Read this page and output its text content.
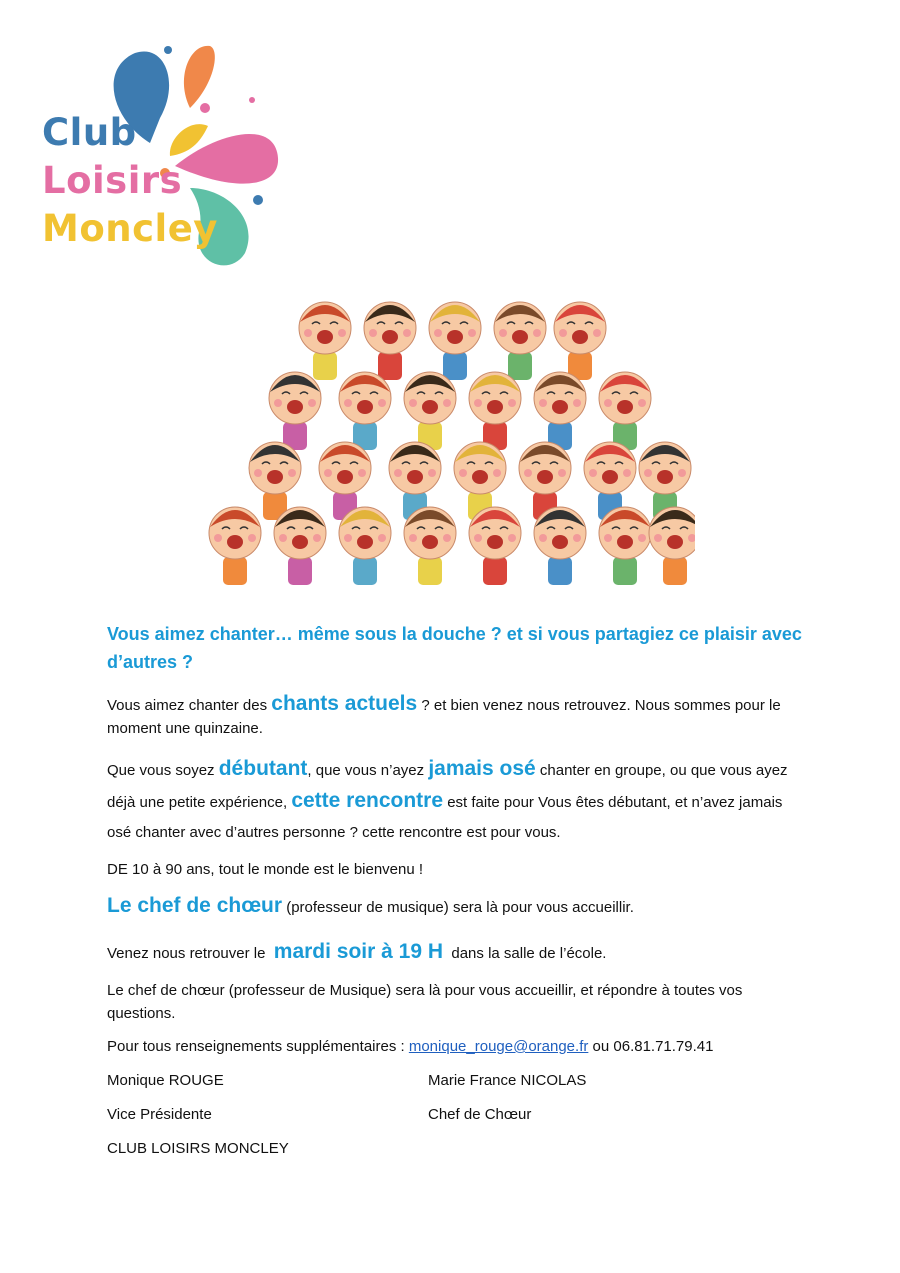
Club
Loisirs
Moncley
Vous aimez chanter… même sous la douche ? et si vous partagiez ce plaisir avec d’autres ?

Vous aimez chanter des chants actuels ? et bien venez nous retrouvez. Nous sommes pour le moment une quinzaine.

Que vous soyez débutant, que vous n’ayez jamais osé chanter en groupe, ou que vous ayez déjà une petite expérience, cette rencontre est faite pour Vous êtes débutant, et n’avez jamais osé chanter avec d’autres personne ? cette rencontre est pour vous.

DE 10 à 90 ans, tout le monde est le bienvenu !

Le chef de chœur (professeur de musique) sera là pour vous accueillir.

Venez nous retrouver le  mardi soir à 19 H  dans la salle de l’école.

Le chef de chœur (professeur de Musique) sera là pour vous accueillir, et répondre à toutes vos questions.

Pour tous renseignements supplémentaires : monique_rouge@orange.fr ou 06.81.71.79.41

Monique ROUGE	Marie France NICOLAS
Vice Présidente	Chef de Chœur
CLUB LOISIRS MONCLEY
